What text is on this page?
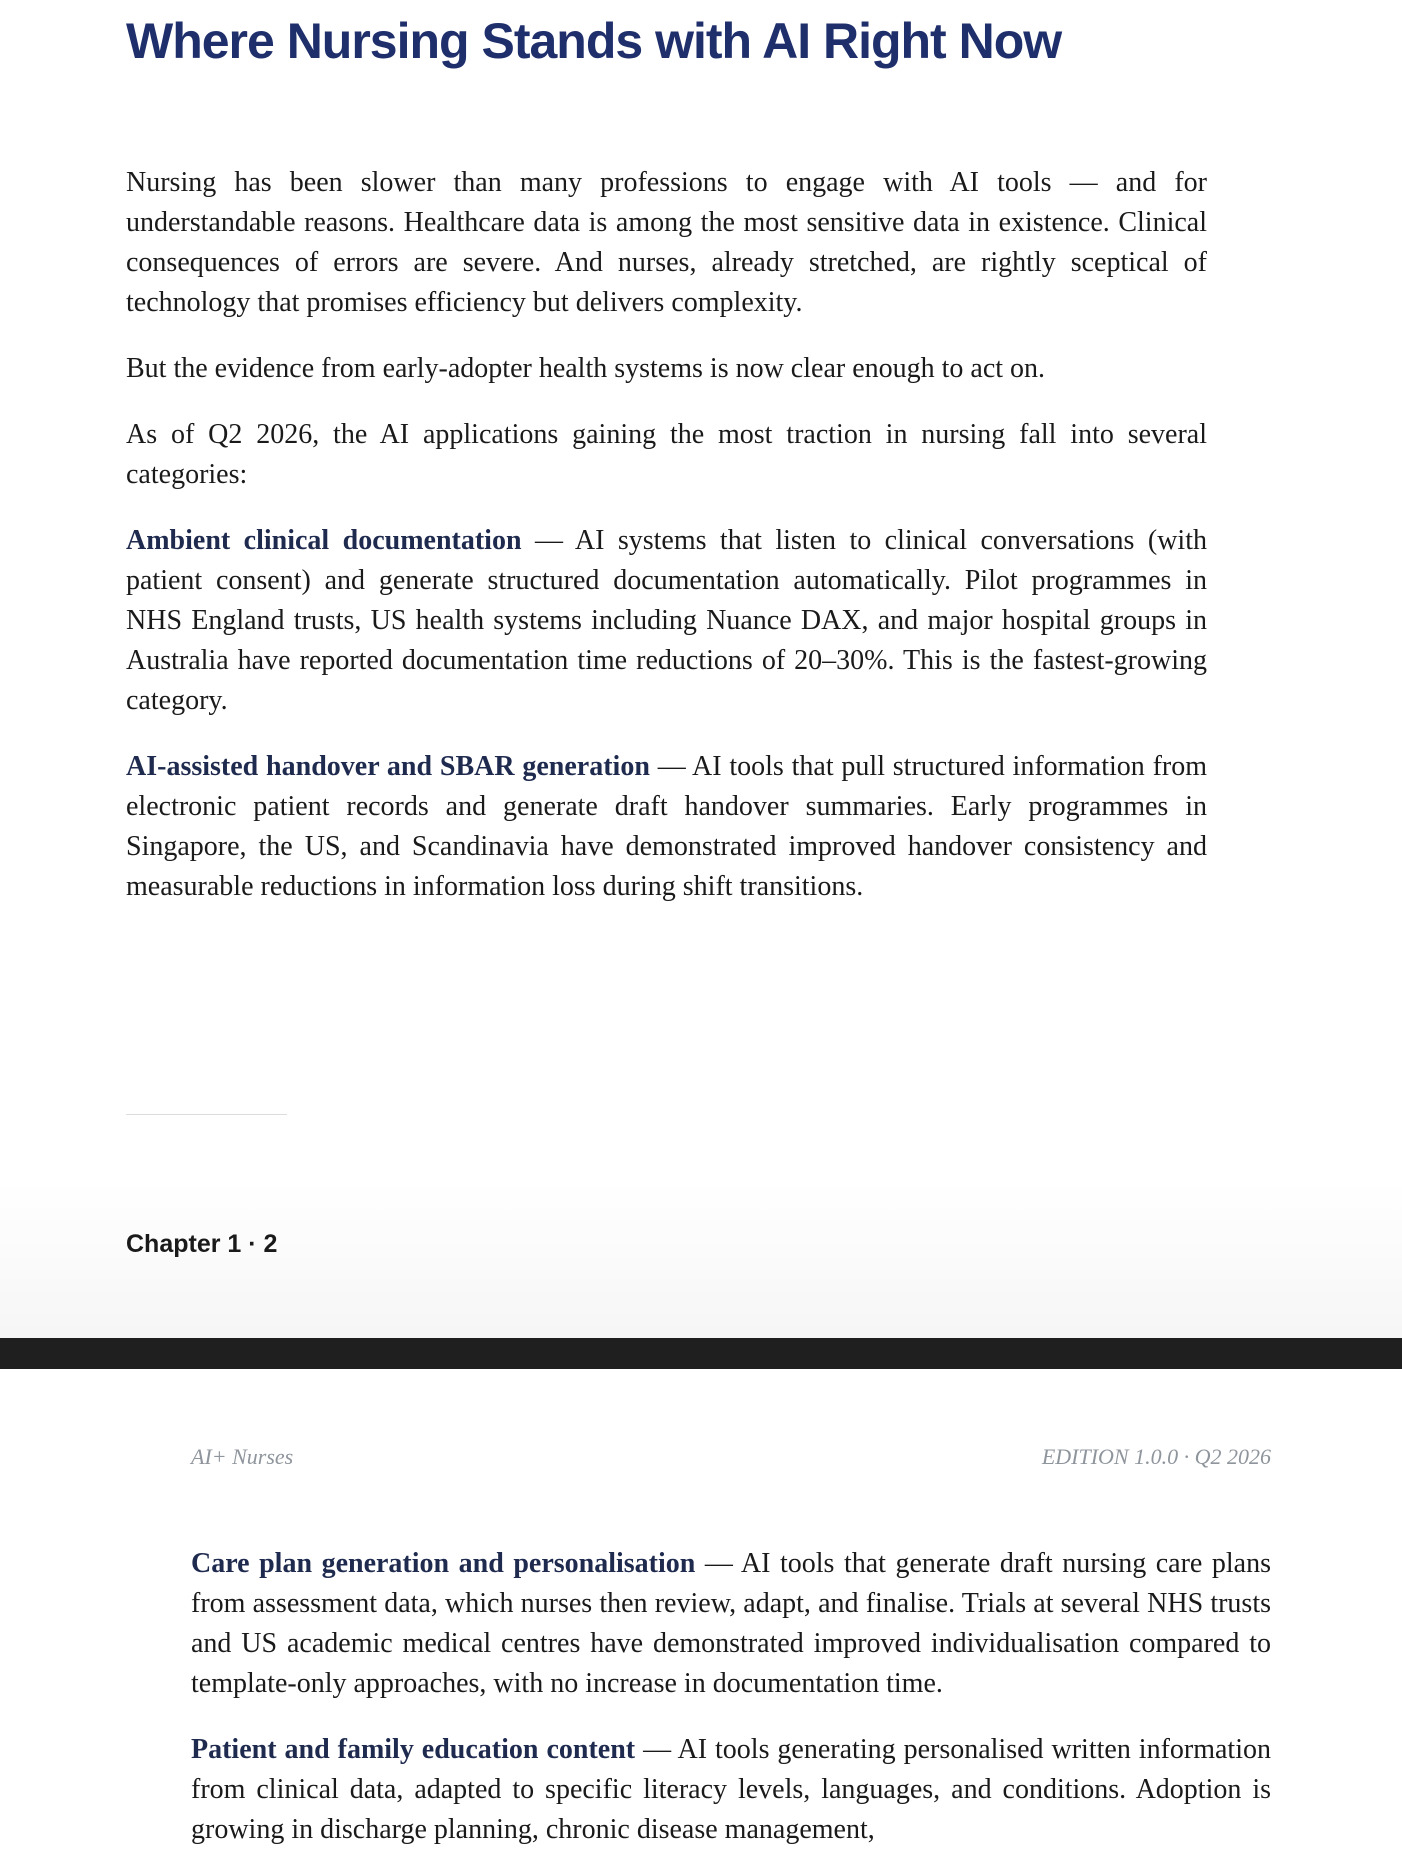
Where Nursing Stands with AI Right Now

Nursing has been slower than many professions to engage with AI tools — and for understandable reasons. Healthcare data is among the most sensitive data in existence. Clinical consequences of errors are severe. And nurses, already stretched, are rightly sceptical of technology that promises efficiency but delivers complexity.

But the evidence from early-adopter health systems is now clear enough to act on.

As of Q2 2026, the AI applications gaining the most traction in nursing fall into several categories:

Ambient clinical documentation — AI systems that listen to clinical conversations (with patient consent) and generate structured documentation automatically. Pilot programmes in NHS England trusts, US health systems including Nuance DAX, and major hospital groups in Australia have reported documentation time reductions of 20–30%. This is the fastest-growing category.

AI-assisted handover and SBAR generation — AI tools that pull structured information from electronic patient records and generate draft handover summaries. Early programmes in Singapore, the US, and Scandinavia have demonstrated improved handover consistency and measurable reductions in information loss during shift transitions.

Chapter 1 · 2
AI+ Nurses	EDITION 1.0.0 · Q2 2026

Care plan generation and personalisation — AI tools that generate draft nursing care plans from assessment data, which nurses then review, adapt, and finalise. Trials at several NHS trusts and US academic medical centres have demonstrated improved individualisation compared to template-only approaches, with no increase in documentation time.

Patient and family education content — AI tools generating personalised written information from clinical data, adapted to specific literacy levels, languages, and conditions. Adoption is growing in discharge planning, chronic disease management,
